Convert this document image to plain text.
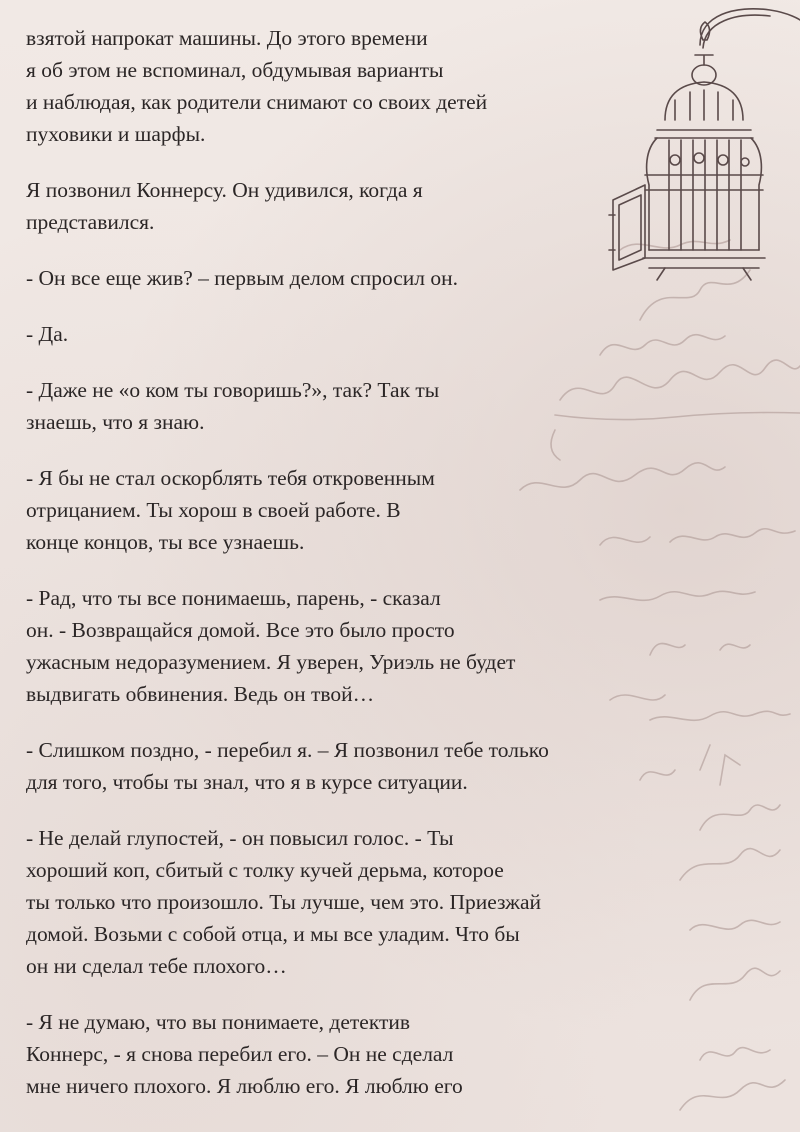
взятой напрокат машины. До этого времени
я об этом не вспоминал, обдумывая варианты
и наблюдая, как родители снимают со своих детей
пуховики и шарфы.
Я позвонил Коннерсу. Он удивился, когда я
представился.
- Он все еще жив? – первым делом спросил он.
- Да.
- Даже не «о ком ты говоришь?», так? Так ты
знаешь, что я знаю.
- Я бы не стал оскорблять тебя откровенным
отрицанием. Ты хорош в своей работе. В
конце концов, ты все узнаешь.
- Рад, что ты все понимаешь, парень, - сказал
он. - Возвращайся домой. Все это было просто
ужасным недоразумением. Я уверен, Уриэль не будет
выдвигать обвинения. Ведь он твой…
- Слишком поздно, - перебил я. – Я позвонил тебе только
для того, чтобы ты знал, что я в курсе ситуации.
- Не делай глупостей, - он повысил голос. - Ты
хороший коп, сбитый с толку кучей дерьма, которое
ты только что произошло. Ты лучше, чем это. Приезжай
домой. Возьми с собой отца, и мы все уладим. Что бы
он ни сделал тебе плохого…
- Я не думаю, что вы понимаете, детектив
Коннерс, - я снова перебил его. – Он не сделал
мне ничего плохого. Я люблю его. Я люблю его
